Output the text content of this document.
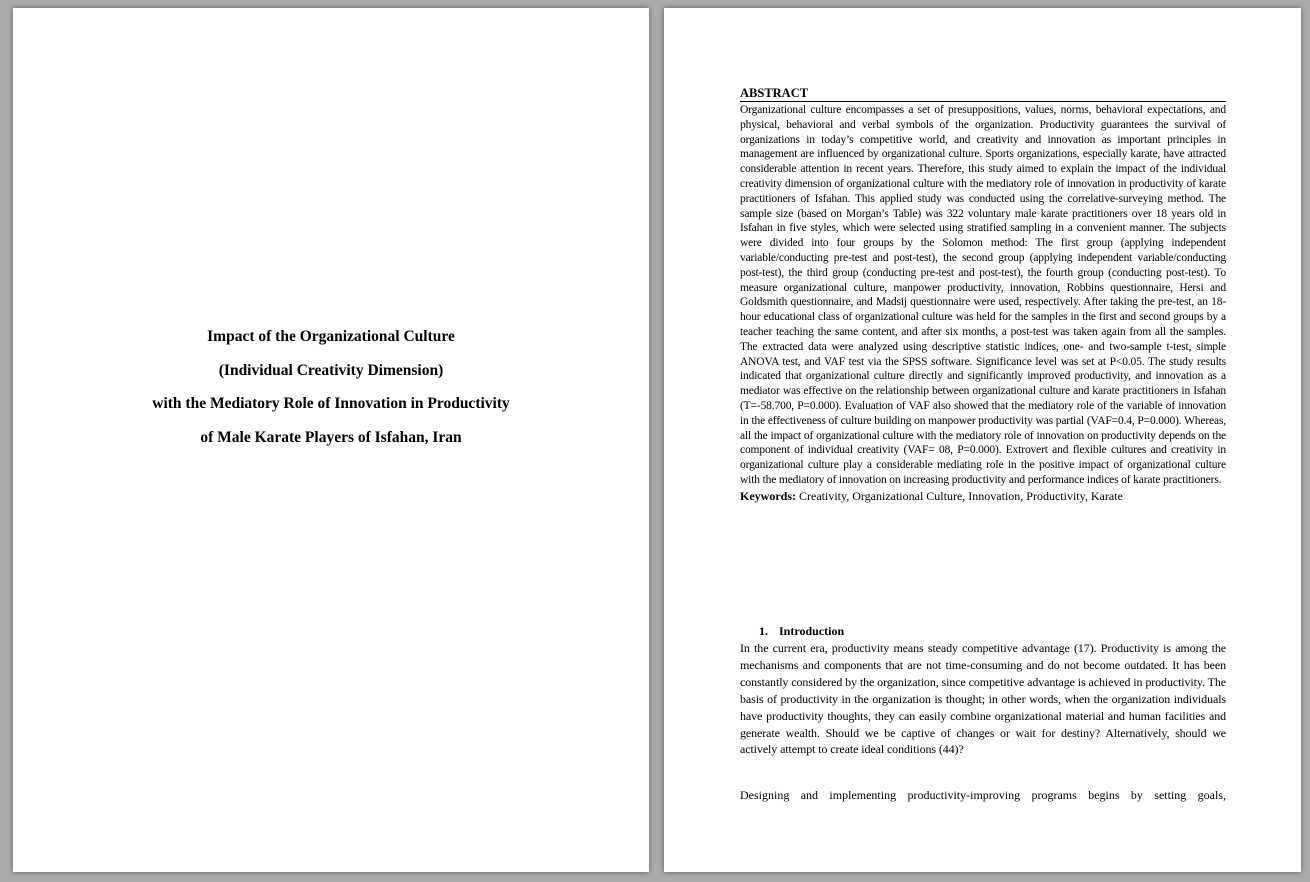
Impact of the Organizational Culture
(Individual Creativity Dimension)
with the Mediatory Role of Innovation in Productivity
of Male Karate Players of Isfahan, Iran
ABSTRACT

Organizational culture encompasses a set of presuppositions, values, norms, behavioral expectations, and physical, behavioral and verbal symbols of the organization. Productivity guarantees the survival of organizations in today’s competitive world, and creativity and innovation as important principles in management are influenced by organizational culture. Sports organizations, especially karate, have attracted considerable attention in recent years. Therefore, this study aimed to explain the impact of the individual creativity dimension of organizational culture with the mediatory role of innovation in productivity of karate practitioners of Isfahan. This applied study was conducted using the correlative-surveying method. The sample size (based on Morgan’s Table) was 322 voluntary male karate practitioners over 18 years old in Isfahan in five styles, which were selected using stratified sampling in a convenient manner. The subjects were divided into four groups by the Solomon method: The first group (applying independent variable/conducting pre-test and post-test), the second group (applying independent variable/conducting post-test), the third group (conducting pre-test and post-test), the fourth group (conducting post-test). To measure organizational culture, manpower productivity, innovation, Robbins questionnaire, Hersi and Goldsmith questionnaire, and Madsij questionnaire were used, respectively. After taking the pre-test, an 18-hour educational class of organizational culture was held for the samples in the first and second groups by a teacher teaching the same content, and after six months, a post-test was taken again from all the samples. The extracted data were analyzed using descriptive statistic indices, one- and two-sample t-test, simple ANOVA test, and VAF test via the SPSS software. Significance level was set at P<0.05. The study results indicated that organizational culture directly and significantly improved productivity, and innovation as a mediator was effective on the relationship between organizational culture and karate practitioners in Isfahan (T=-58.700, P=0.000). Evaluation of VAF also showed that the mediatory role of the variable of innovation in the effectiveness of culture building on manpower productivity was partial (VAF=0.4, P=0.000). Whereas, all the impact of organizational culture with the mediatory role of innovation on productivity depends on the component of individual creativity (VAF= 08, P=0.000). Extrovert and flexible cultures and creativity in organizational culture play a considerable mediating role in the positive impact of organizational culture with the mediatory of innovation on increasing productivity and performance indices of karate practitioners.

Keywords: Creativity, Organizational Culture, Innovation, Productivity, Karate
1. Introduction

In the current era, productivity means steady competitive advantage (17). Productivity is among the mechanisms and components that are not time-consuming and do not become outdated. It has been constantly considered by the organization, since competitive advantage is achieved in productivity. The basis of productivity in the organization is thought; in other words, when the organization individuals have productivity thoughts, they can easily combine organizational material and human facilities and generate wealth. Should we be captive of changes or wait for destiny? Alternatively, should we actively attempt to create ideal conditions (44)?

Designing and implementing productivity-improving programs begins by setting goals,
